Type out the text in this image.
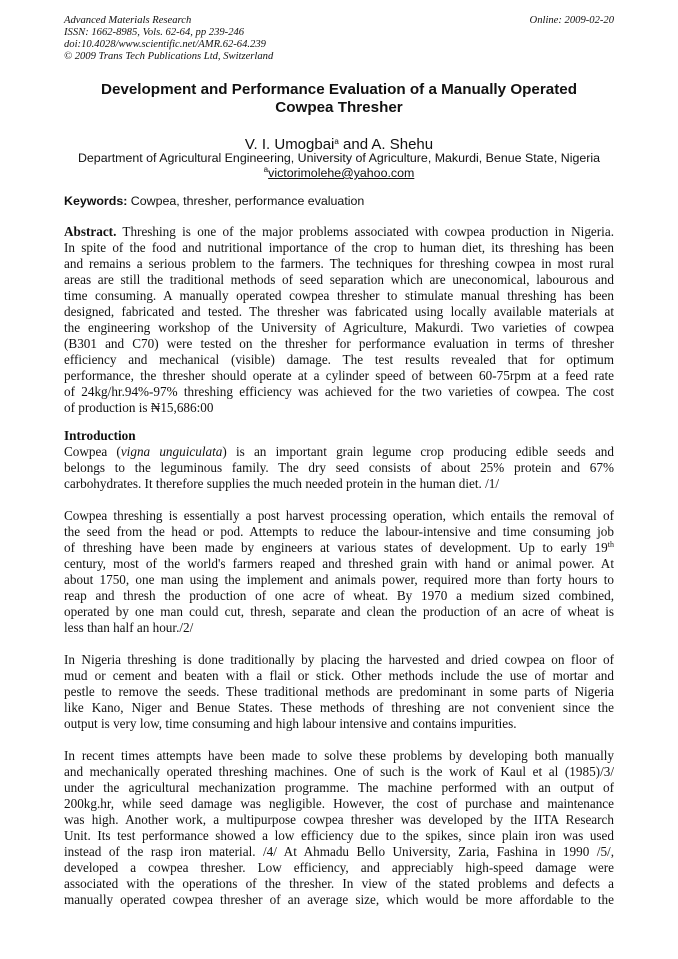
Advanced Materials Research
ISSN: 1662-8985, Vols. 62-64, pp 239-246
doi:10.4028/www.scientific.net/AMR.62-64.239
© 2009 Trans Tech Publications Ltd, Switzerland
Online: 2009-02-20
Development and Performance Evaluation of a Manually Operated
Cowpea Thresher
V. I. Umogbai$^a$ and A. Shehu
Department of Agricultural Engineering, University of Agriculture, Makurdi, Benue State, Nigeria
$^a$victorimolehe@yahoo.com
Keywords: Cowpea, thresher, performance evaluation
Abstract. Threshing is one of the major problems associated with cowpea production in Nigeria.
In spite of the food and nutritional importance of the crop to human diet, its threshing has been
and remains a serious problem to the farmers. The techniques for threshing cowpea in most rural
areas are still the traditional methods of seed separation which are uneconomical, labourous and
time consuming. A manually operated cowpea thresher to stimulate manual threshing has been
designed, fabricated and tested. The thresher was fabricated using locally available materials at
the engineering workshop of the University of Agriculture, Makurdi. Two varieties of cowpea
(B301 and C70) were tested on the thresher for performance evaluation in terms of thresher
efficiency and mechanical (visible) damage. The test results revealed that for optimum
performance, the thresher should operate at a cylinder speed of between 60-75rpm at a feed rate
of 24kg/hr.94%-97% threshing efficiency was achieved for the two varieties of cowpea. The cost
of production is ₦15,686:00
Introduction
Cowpea (vigna unguiculata) is an important grain legume crop producing edible seeds and
belongs to the leguminous family. The dry seed consists of about 25% protein and 67%
carbohydrates. It therefore supplies the much needed protein in the human diet. /1/
Cowpea threshing is essentially a post harvest processing operation, which entails the removal of
the seed from the head or pod. Attempts to reduce the labour-intensive and time consuming job
of threshing have been made by engineers at various states of development. Up to early 19th
century, most of the world's farmers reaped and threshed grain with hand or animal power. At
about 1750, one man using the implement and animals power, required more than forty hours to
reap and thresh the production of one acre of wheat. By 1970 a medium sized combined,
operated by one man could cut, thresh, separate and clean the production of an acre of wheat is
less than half an hour./2/
In Nigeria threshing is done traditionally by placing the harvested and dried cowpea on floor of
mud or cement and beaten with a flail or stick. Other methods include the use of mortar and
pestle to remove the seeds. These traditional methods are predominant in some parts of Nigeria
like Kano, Niger and Benue States. These methods of threshing are not convenient since the
output is very low, time consuming and high labour intensive and contains impurities.
In recent times attempts have been made to solve these problems by developing both manually
and mechanically operated threshing machines. One of such is the work of Kaul et al (1985)/3/
under the agricultural mechanization programme. The machine performed with an output of
200kg.hr, while seed damage was negligible. However, the cost of purchase and maintenance
was high. Another work, a multipurpose cowpea thresher was developed by the IITA Research
Unit. Its test performance showed a low efficiency due to the spikes, since plain iron was used
instead of the rasp iron material. /4/ At Ahmadu Bello University, Zaria, Fashina in 1990 /5/,
developed a cowpea thresher. Low efficiency, and appreciably high-speed damage were
associated with the operations of the thresher. In view of the stated problems and defects a
manually operated cowpea thresher of an average size, which would be more affordable to the
